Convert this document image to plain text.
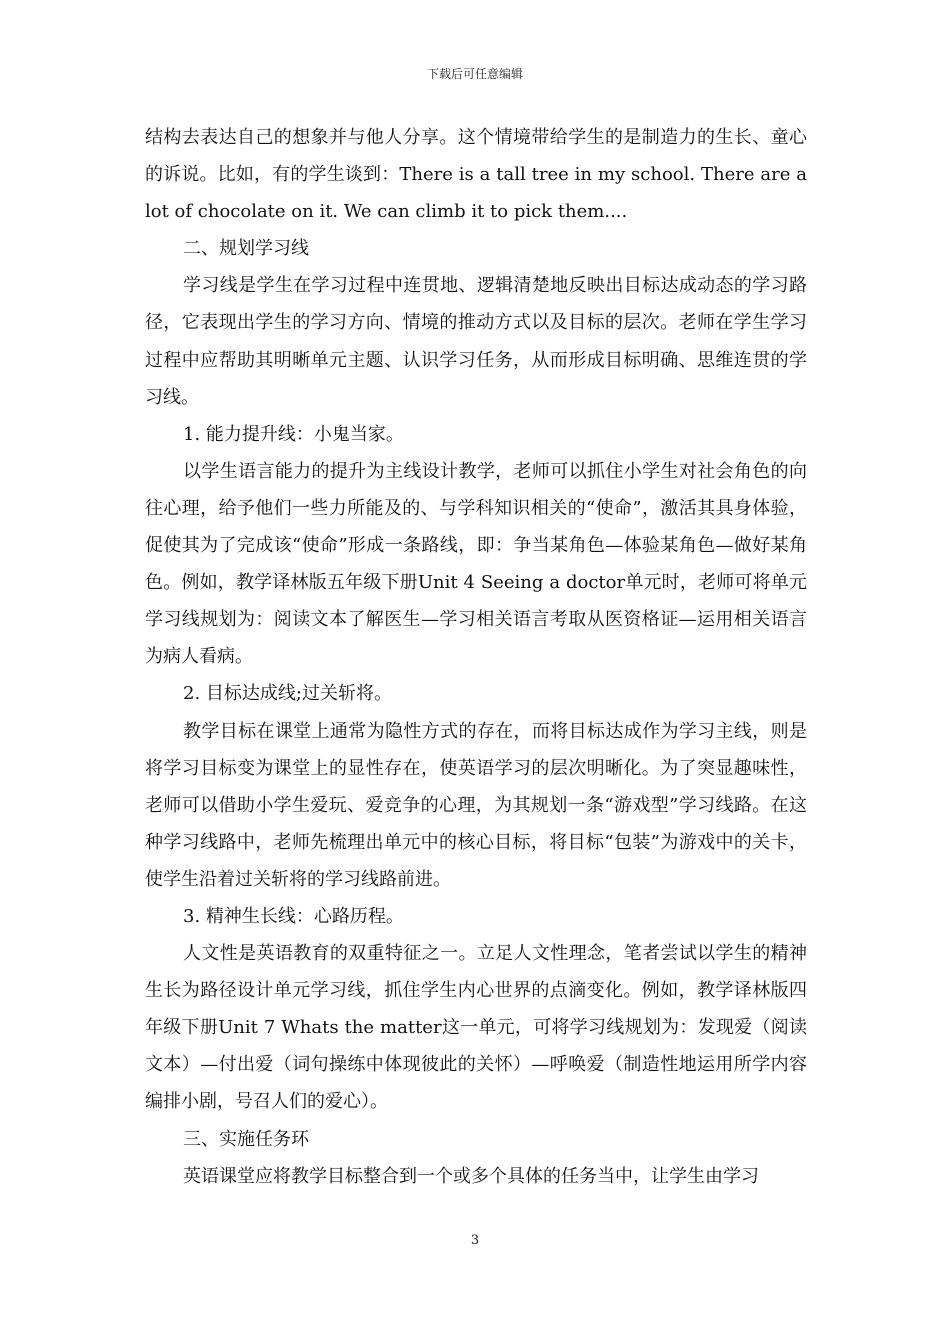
下载后可任意编辑

结构去表达自己的想象并与他人分享。这个情境带给学生的是制造力的生长、童心的诉说。比如，有的学生谈到：There is a tall tree in my school. There are a lot of chocolate on it. We can climb it to pick them....

二、规划学习线

学习线是学生在学习过程中连贯地、逻辑清楚地反映出目标达成动态的学习路径，它表现出学生的学习方向、情境的推动方式以及目标的层次。老师在学生学习过程中应帮助其明晰单元主题、认识学习任务，从而形成目标明确、思维连贯的学习线。

1. 能力提升线：小鬼当家。

以学生语言能力的提升为主线设计教学，老师可以抓住小学生对社会角色的向往心理，给予他们一些力所能及的、与学科知识相关的“使命”，激活其具身体验，促使其为了完成该“使命”形成一条路线，即：争当某角色—体验某角色—做好某角色。例如，教学译林版五年级下册Unit 4 Seeing a doctor单元时，老师可将单元学习线规划为：阅读文本了解医生—学习相关语言考取从医资格证—运用相关语言为病人看病。

2. 目标达成线;过关斩将。

教学目标在课堂上通常为隐性方式的存在，而将目标达成作为学习主线，则是将学习目标变为课堂上的显性存在，使英语学习的层次明晰化。为了突显趣味性，老师可以借助小学生爱玩、爱竞争的心理，为其规划一条“游戏型”学习线路。在这种学习线路中，老师先梳理出单元中的核心目标，将目标“包装”为游戏中的关卡，使学生沿着过关斩将的学习线路前进。

3. 精神生长线：心路历程。

人文性是英语教育的双重特征之一。立足人文性理念，笔者尝试以学生的精神生长为路径设计单元学习线，抓住学生内心世界的点滴变化。例如，教学译林版四年级下册Unit 7 Whats the matter这一单元，可将学习线规划为：发现爱（阅读文本）—付出爱（词句操练中体现彼此的关怀）—呼唤爱（制造性地运用所学内容编排小剧，号召人们的爱心）。

三、实施任务环

英语课堂应将教学目标整合到一个或多个具体的任务当中，让学生由学习

3
